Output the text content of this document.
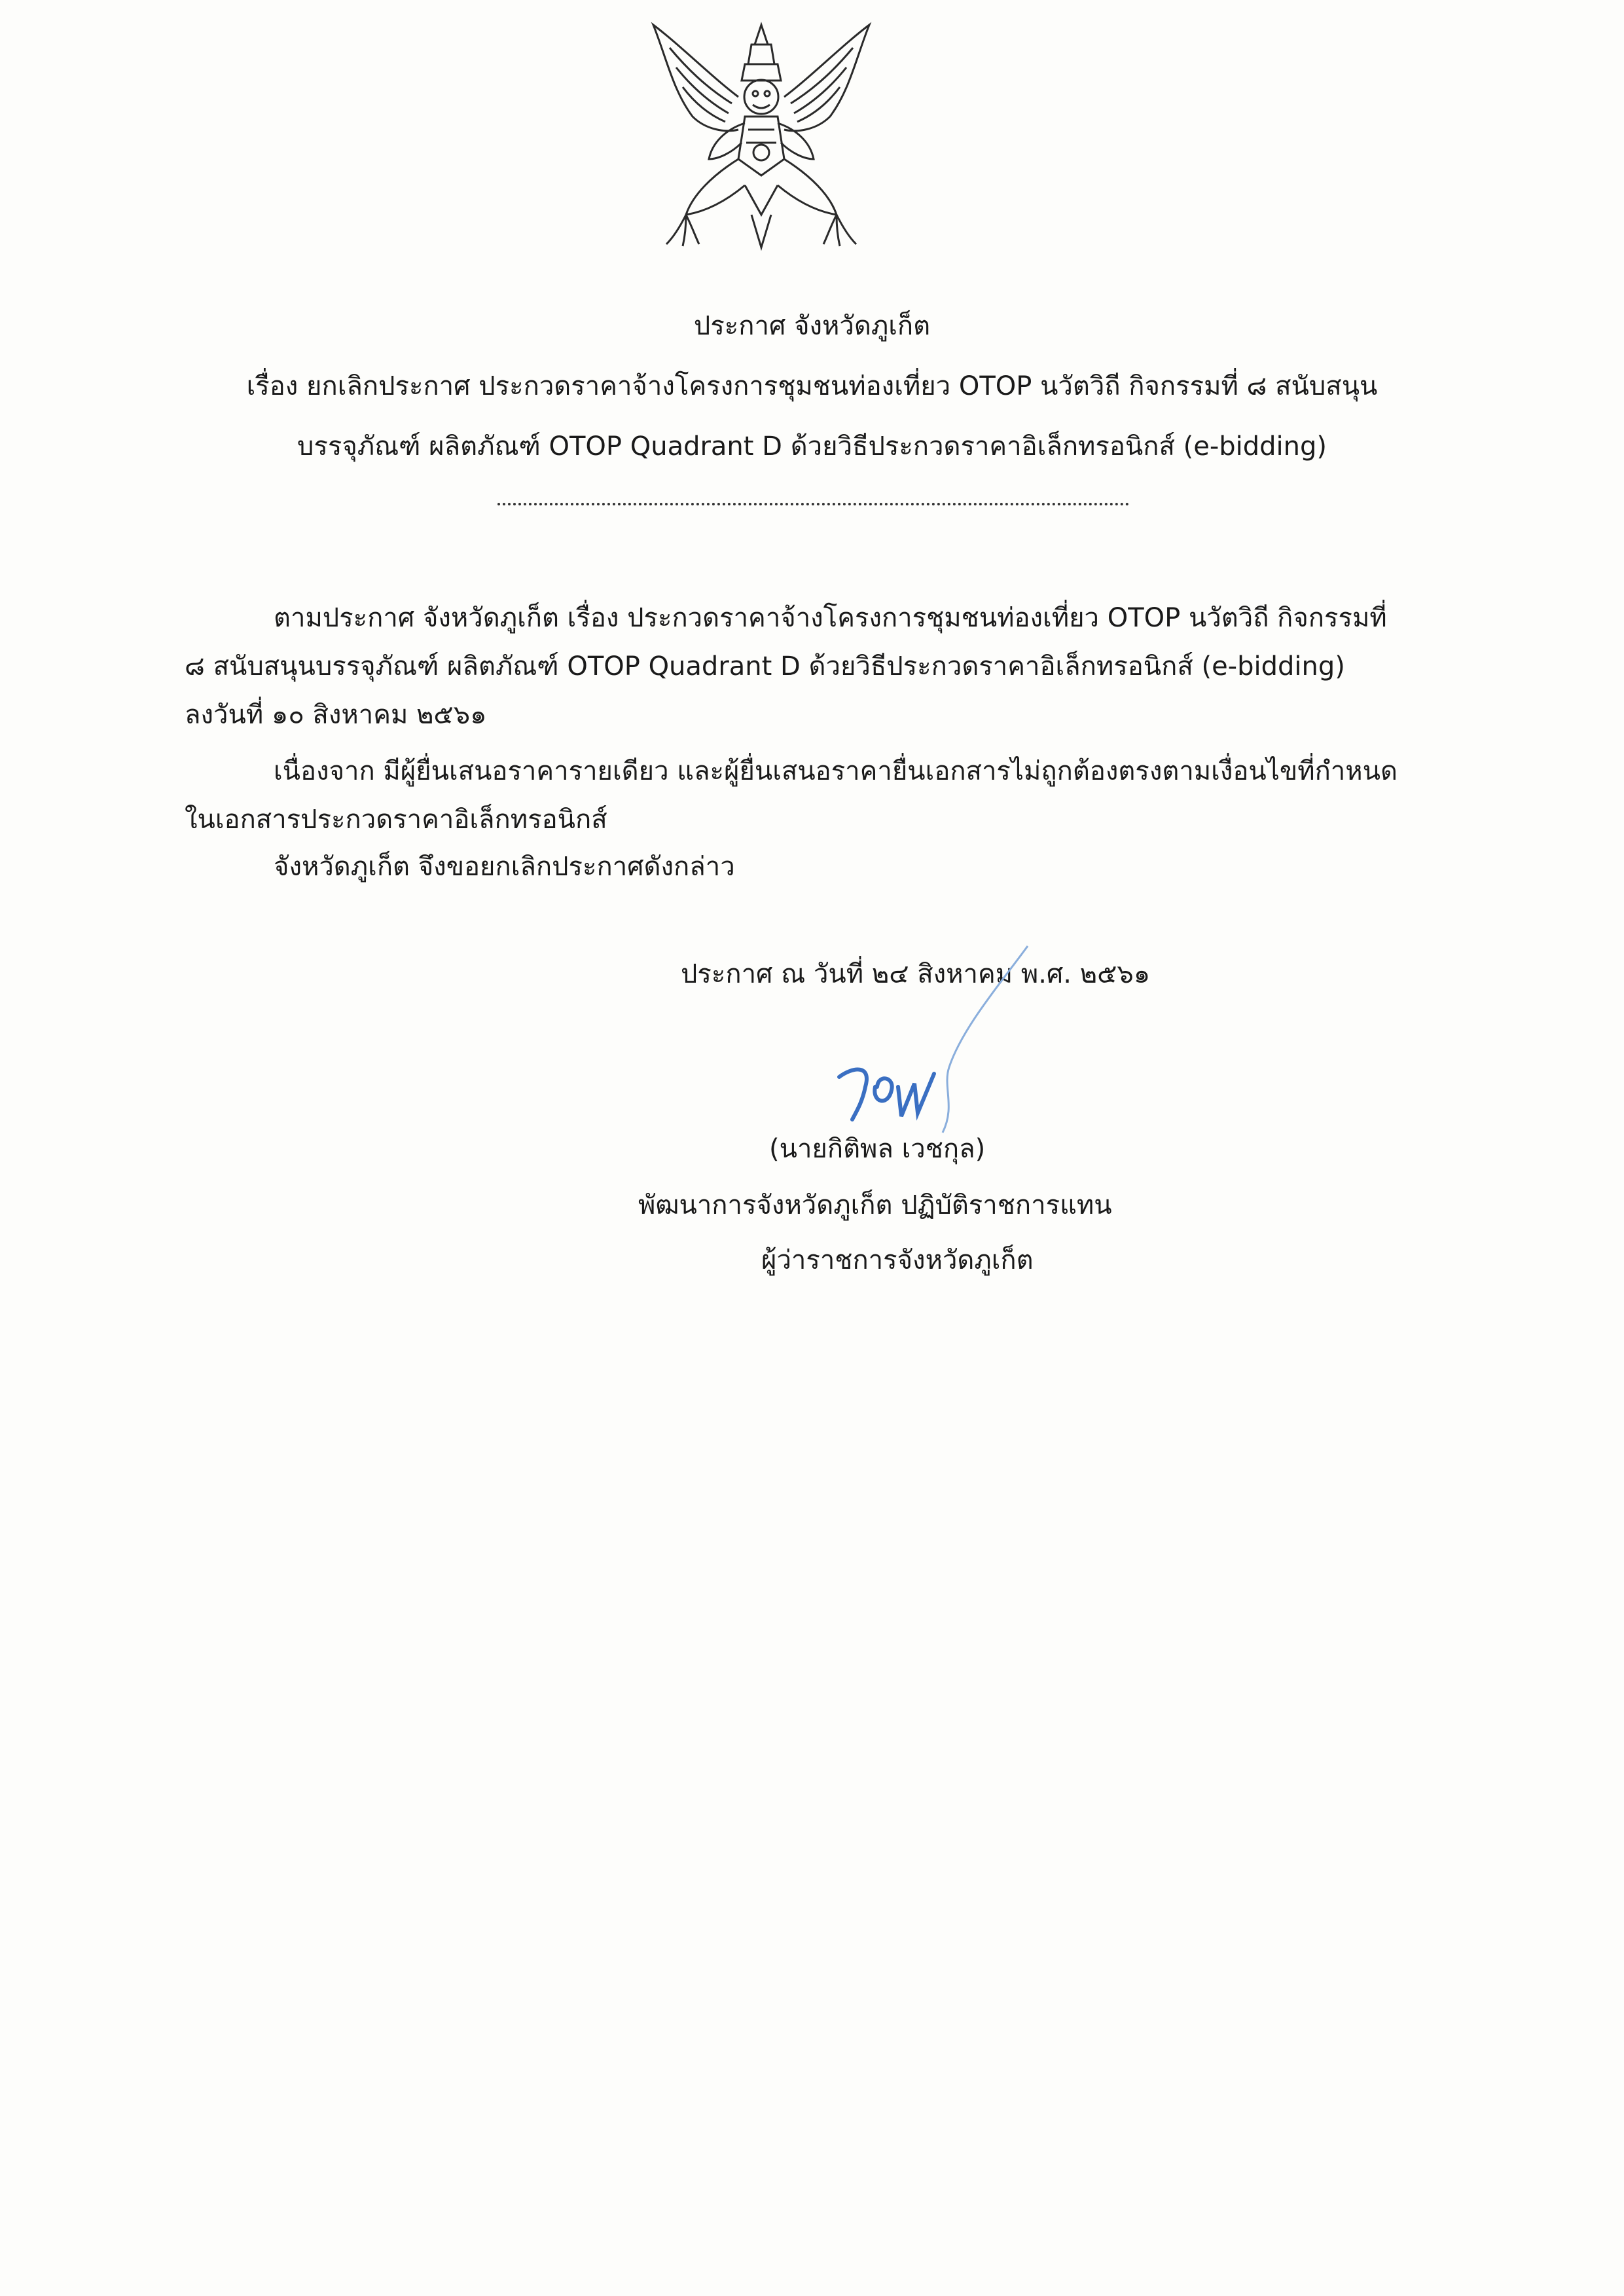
ประกาศ จังหวัดภูเก็ต
เรื่อง ยกเลิกประกาศ ประกวดราคาจ้างโครงการชุมชนท่องเที่ยว OTOP นวัตวิถี กิจกรรมที่ ๘ สนับสนุน
บรรจุภัณฑ์ ผลิตภัณฑ์ OTOP Quadrant D ด้วยวิธีประกวดราคาอิเล็กทรอนิกส์ (e-bidding)
ตามประกาศ จังหวัดภูเก็ต เรื่อง ประกวดราคาจ้างโครงการชุมชนท่องเที่ยว OTOP นวัตวิถี กิจกรรมที่
๘ สนับสนุนบรรจุภัณฑ์ ผลิตภัณฑ์ OTOP Quadrant D ด้วยวิธีประกวดราคาอิเล็กทรอนิกส์ (e-bidding)
ลงวันที่ ๑๐ สิงหาคม ๒๕๖๑
เนื่องจาก มีผู้ยื่นเสนอราคารายเดียว และผู้ยื่นเสนอราคายื่นเอกสารไม่ถูกต้องตรงตามเงื่อนไขที่กำหนด
ในเอกสารประกวดราคาอิเล็กทรอนิกส์
จังหวัดภูเก็ต จึงขอยกเลิกประกาศดังกล่าว
ประกาศ ณ วันที่ ๒๔ สิงหาคม พ.ศ. ๒๕๖๑
(นายกิติพล เวชกุล)
พัฒนาการจังหวัดภูเก็ต ปฏิบัติราชการแทน
ผู้ว่าราชการจังหวัดภูเก็ต
